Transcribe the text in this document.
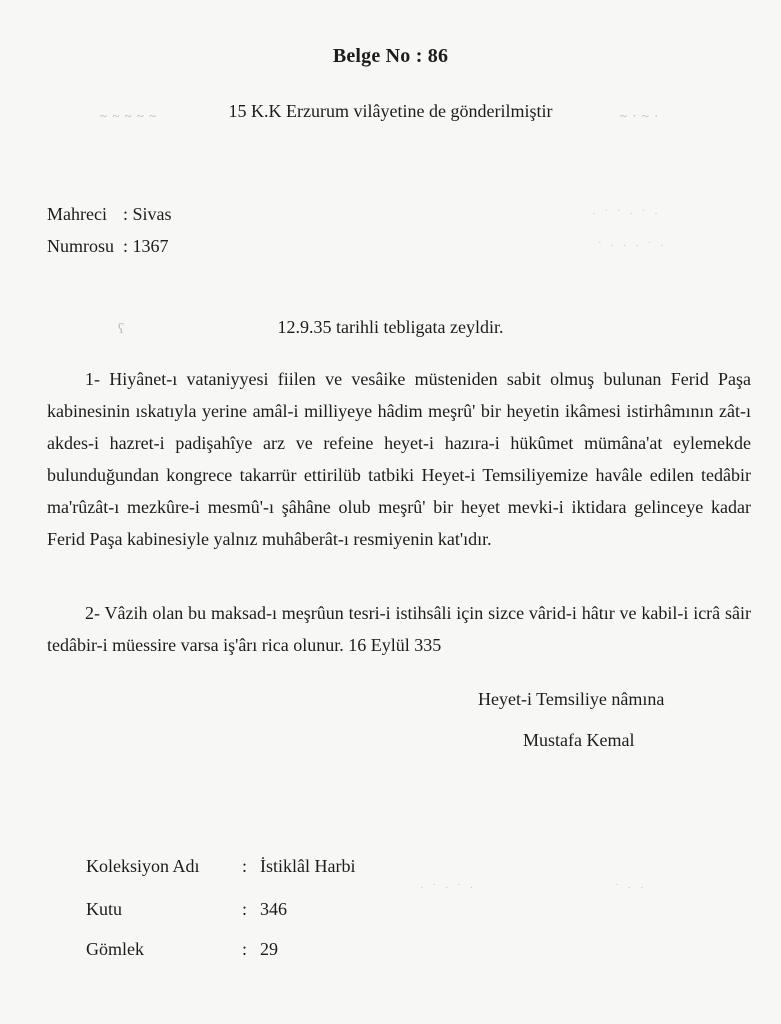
Belge No : 86
~ ~ ~ ~ ~	15 K.K Erzurum vilâyetine de gönderilmiştir	~ · ~ ·
Mahreci : Sivas
Numrosu : 1367
· ˙ ˙ · ˙ ·
˙ · · · ˙ ·
ʕ	12.9.35 tarihli tebligata zeyldir.
1- Hiyânet-ı vataniyyesi fiilen ve vesâike müsteniden sabit olmuş bulunan Ferid Paşa kabinesinin ıskatıyla yerine amâl-i milliyeye hâdim meşrû' bir heyetin ikâmesi istirhâmının zât-ı akdes-i hazret-i padişahîye arz ve refeine heyet-i hazıra-i hükûmet mümâna'at eylemekde bulunduğundan kongrece takarrür ettirilüb tatbiki Heyet-i Temsiliyemize havâle edilen tedâbir ma'rûzât-ı mezkûre-i mesmû'-ı şâhâne olub meşrû' bir heyet mevki-i iktidara gelinceye kadar Ferid Paşa kabinesiyle yalnız muhâberât-ı resmiyenin kat'ıdır.
2- Vâzih olan bu maksad-ı meşrûun tesri-i istihsâli için sizce vârid-i hâtır ve kabil-i icrâ sâir tedâbir-i müessire varsa iş'ârı rica olunur. 16 Eylül 335
Heyet-i Temsiliye nâmına
Mustafa Kemal
Koleksiyon Adı : İstiklâl Harbi
Kutu	: 346
Gömlek	: 29
· ˙ · ˙ ·	˙ · ·
